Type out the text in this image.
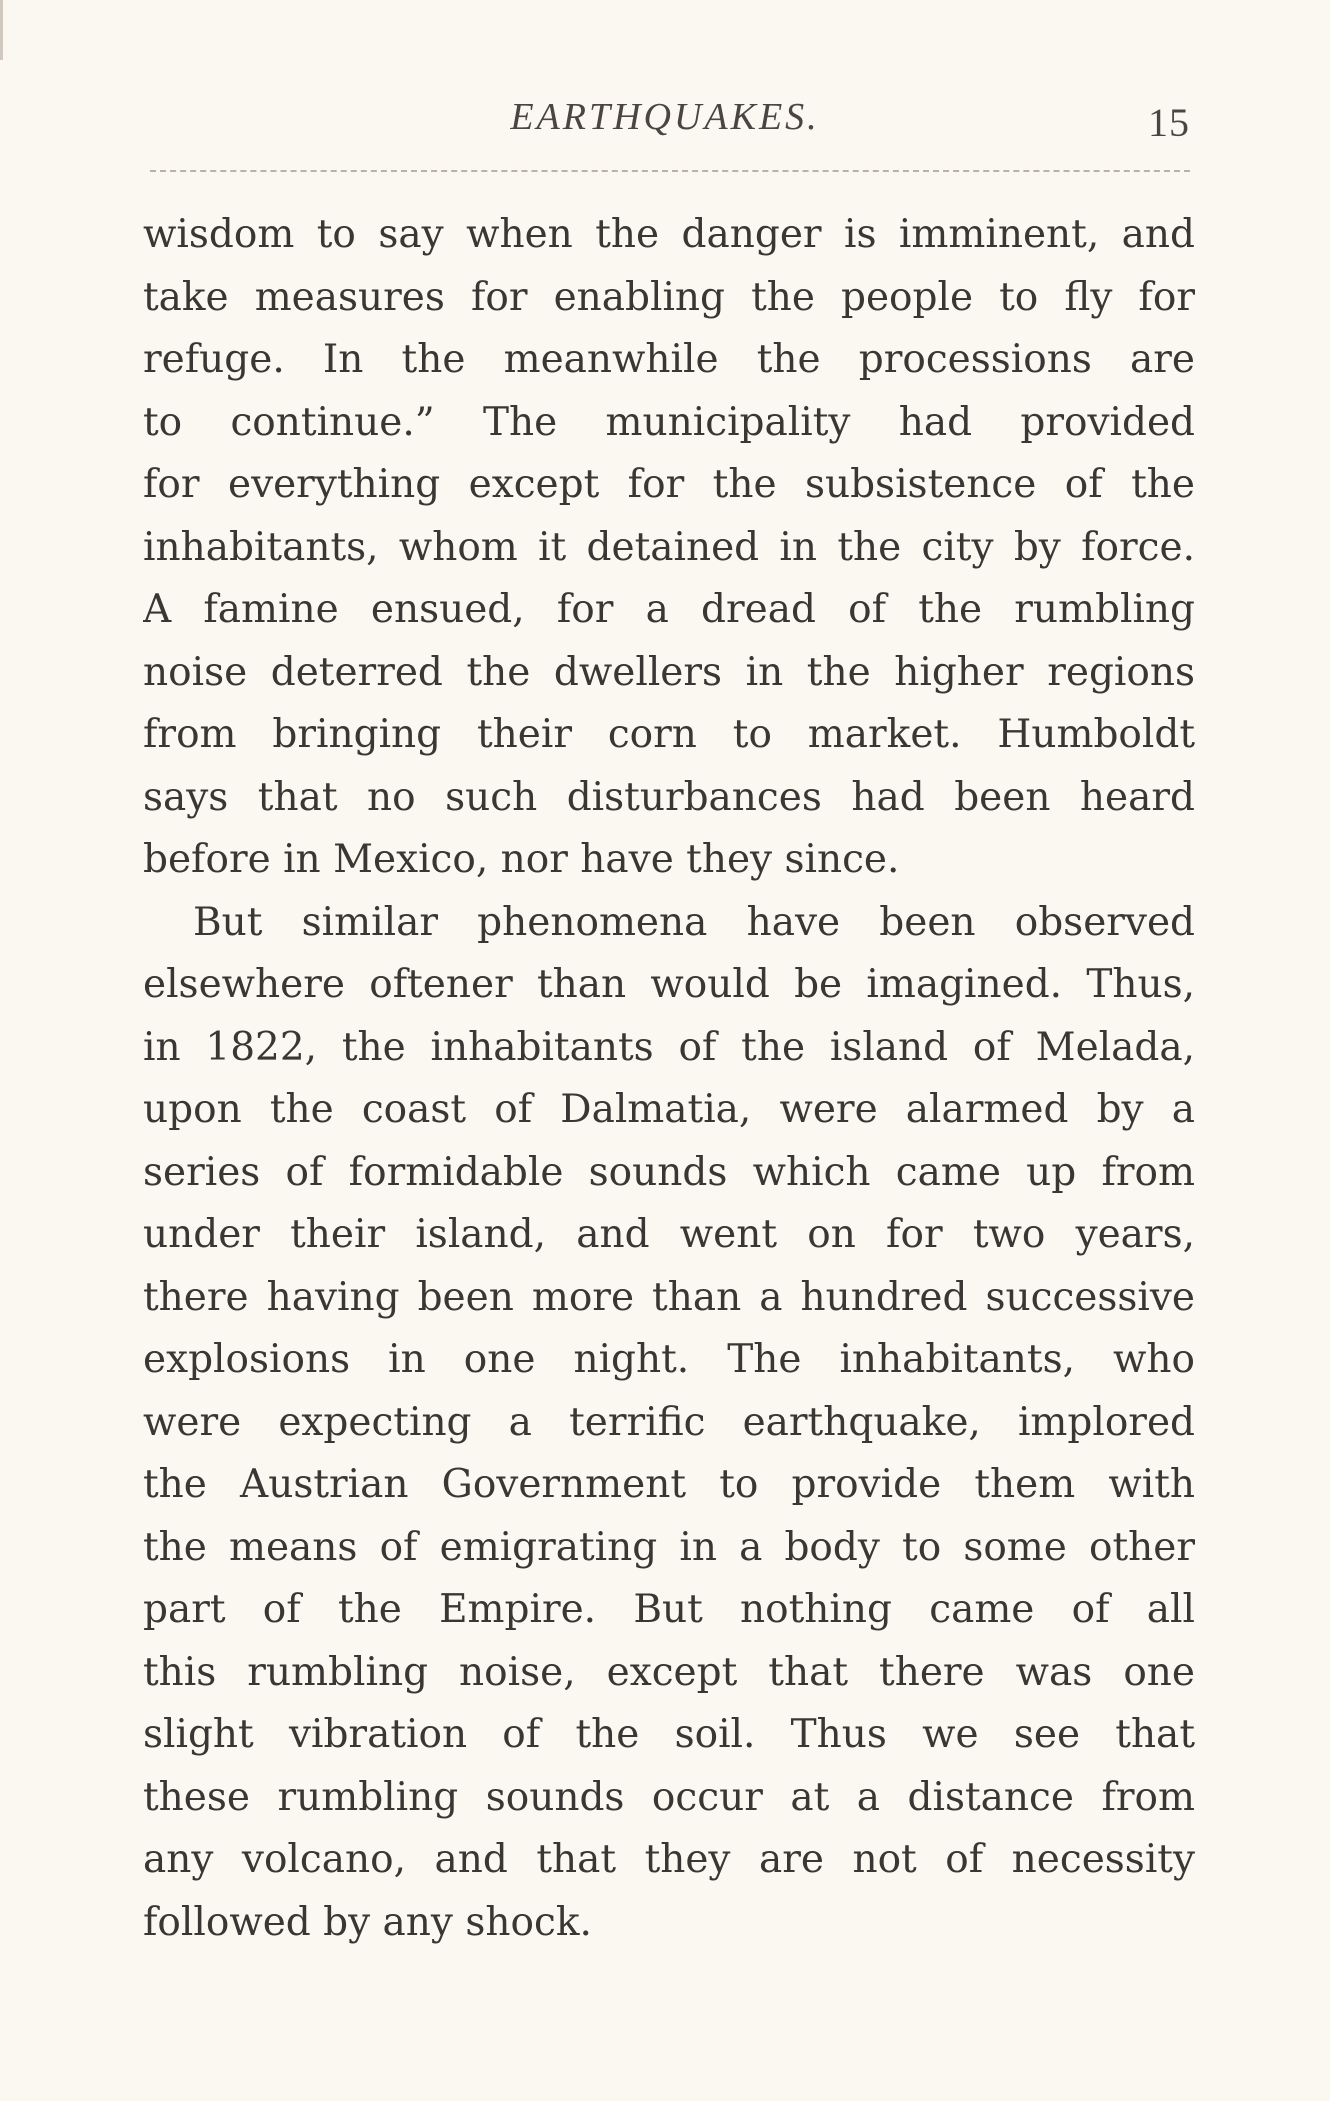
EARTHQUAKES.	15
wisdom to say when the danger is imminent, and
take measures for enabling the people to fly for
refuge. In the meanwhile the processions are
to continue.” The municipality had provided
for everything except for the subsistence of the
inhabitants, whom it detained in the city by force.
A famine ensued, for a dread of the rumbling
noise deterred the dwellers in the higher regions
from bringing their corn to market. Humboldt
says that no such disturbances had been heard
before in Mexico, nor have they since.
But similar phenomena have been observed
elsewhere oftener than would be imagined. Thus,
in 1822, the inhabitants of the island of Melada,
upon the coast of Dalmatia, were alarmed by a
series of formidable sounds which came up from
under their island, and went on for two years,
there having been more than a hundred successive
explosions in one night. The inhabitants, who
were expecting a terrific earthquake, implored
the Austrian Government to provide them with
the means of emigrating in a body to some other
part of the Empire. But nothing came of all
this rumbling noise, except that there was one
slight vibration of the soil. Thus we see that
these rumbling sounds occur at a distance from
any volcano, and that they are not of necessity
followed by any shock.
